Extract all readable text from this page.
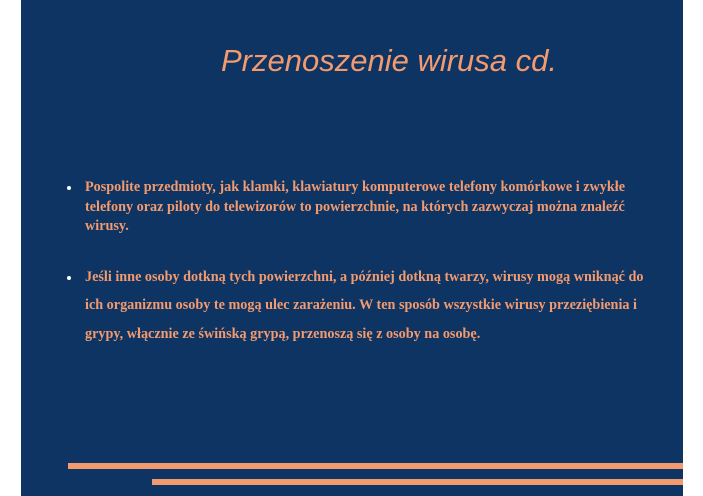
Przenoszenie wirusa cd.
Pospolite przedmioty, jak klamki, klawiatury komputerowe telefony komórkowe i zwykłe telefony oraz piloty do telewizorów to powierzchnie, na których zazwyczaj można znaleźć wirusy.
Jeśli inne osoby dotkną tych powierzchni, a później dotkną twarzy, wirusy mogą wniknąć do ich organizmu osoby te mogą ulec zarażeniu. W ten sposób wszystkie wirusy przeziębienia i grypy, włącznie ze świńską grypą, przenoszą się z osoby na osobę.
